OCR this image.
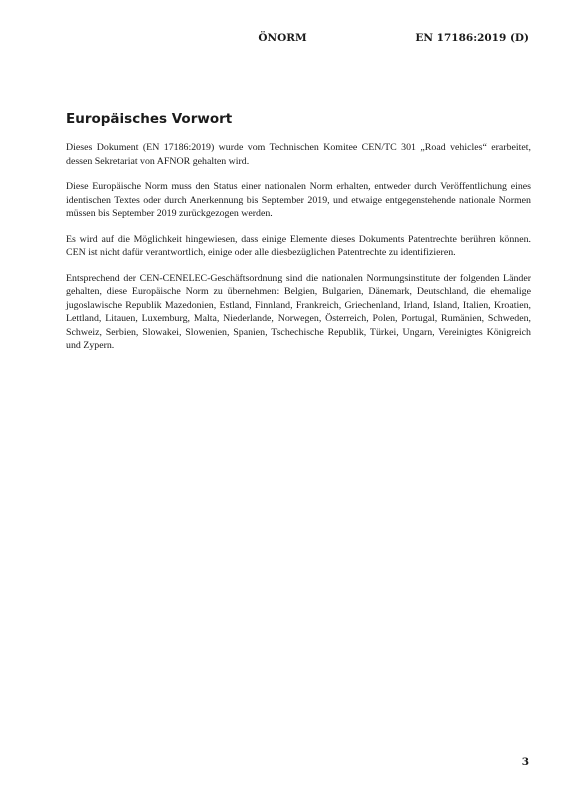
ÖNORM	EN 17186:2019 (D)
Europäisches Vorwort

Dieses Dokument (EN 17186:2019) wurde vom Technischen Komitee CEN/TC 301 „Road vehicles“ erarbeitet, dessen Sekretariat von AFNOR gehalten wird.

Diese Europäische Norm muss den Status einer nationalen Norm erhalten, entweder durch Veröffentlichung eines identischen Textes oder durch Anerkennung bis September 2019, und etwaige entgegenstehende nationale Normen müssen bis September 2019 zurückgezogen werden.

Es wird auf die Möglichkeit hingewiesen, dass einige Elemente dieses Dokuments Patentrechte berühren können. CEN ist nicht dafür verantwortlich, einige oder alle diesbezüglichen Patentrechte zu identifizieren.

Entsprechend der CEN-CENELEC-Geschäftsordnung sind die nationalen Normungsinstitute der folgenden Länder gehalten, diese Europäische Norm zu übernehmen: Belgien, Bulgarien, Dänemark, Deutschland, die ehemalige jugoslawische Republik Mazedonien, Estland, Finnland, Frankreich, Griechenland, Irland, Island, Italien, Kroatien, Lettland, Litauen, Luxemburg, Malta, Niederlande, Norwegen, Österreich, Polen, Portugal, Rumänien, Schweden, Schweiz, Serbien, Slowakei, Slowenien, Spanien, Tschechische Republik, Türkei, Ungarn, Vereinigtes Königreich und Zypern.

3
